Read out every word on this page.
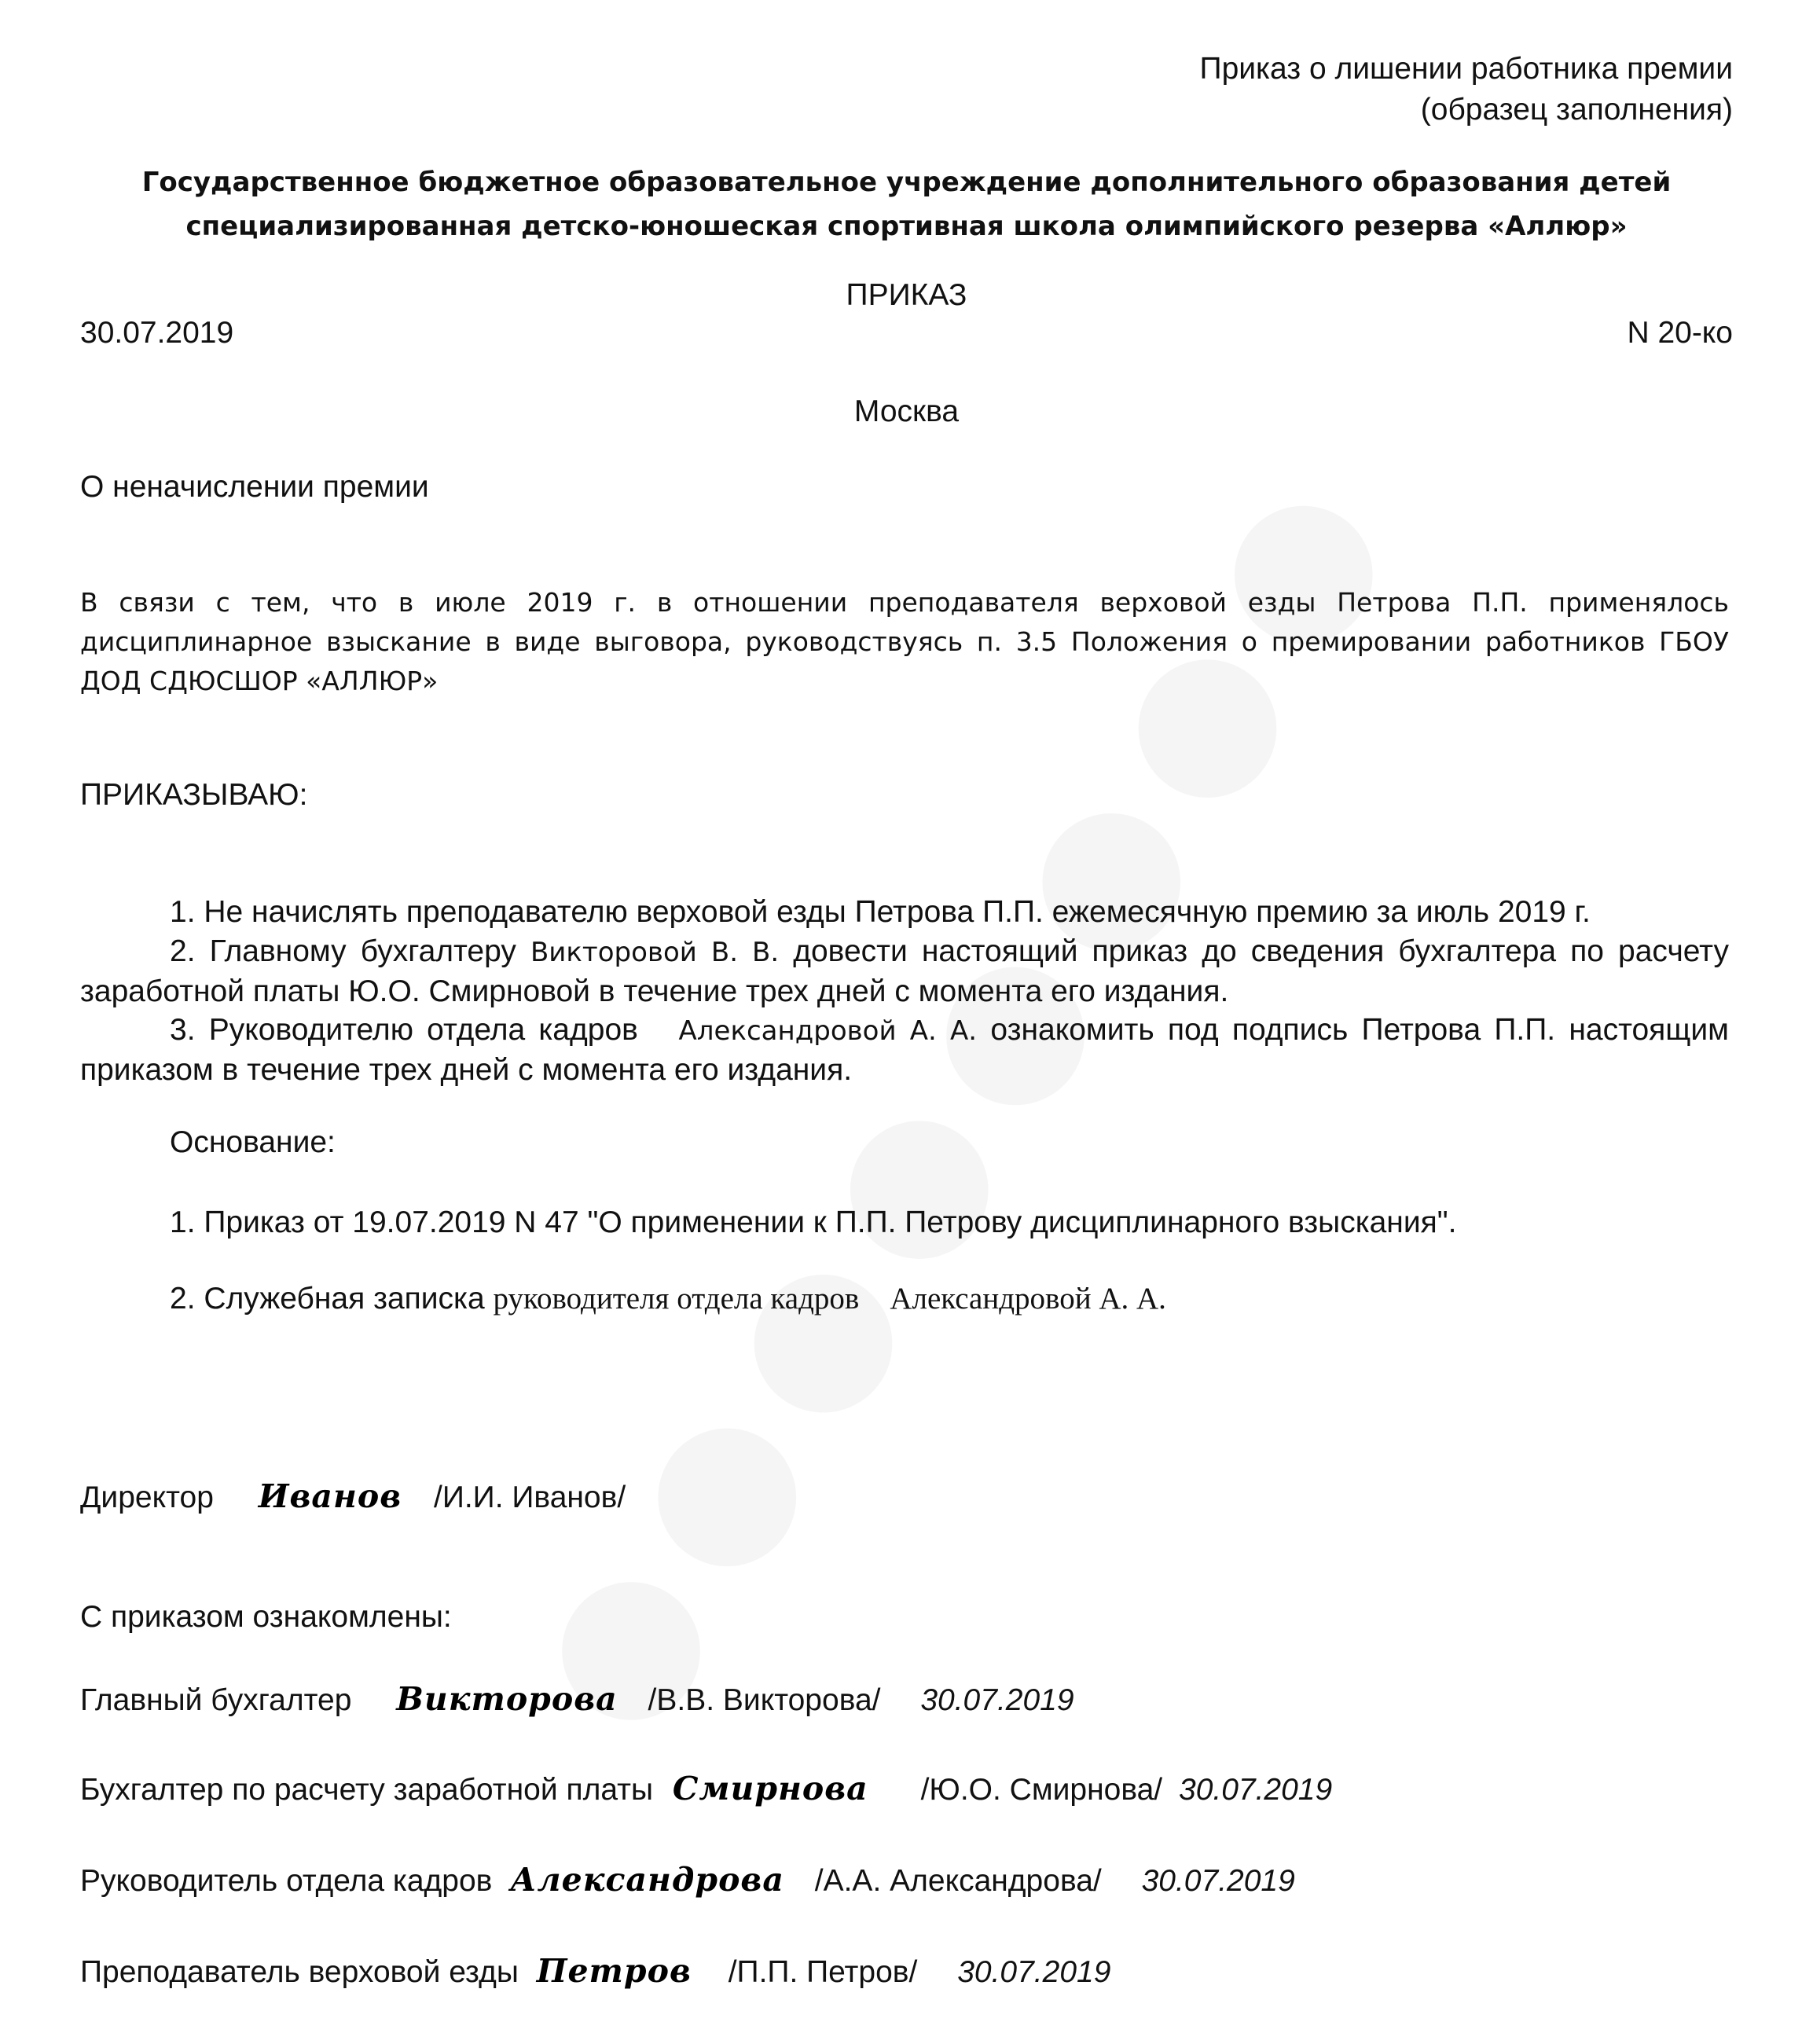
Приказ о лишении работника премии
(образец заполнения)
Государственное бюджетное образовательное учреждение дополнительного образования детей
специализированная детско-юношеская спортивная школа олимпийского резерва «Аллюр»
ПРИКАЗ
30.07.2019	N 20-ко
Москва
О неначислении премии
В связи с тем, что в июле 2019 г. в отношении преподавателя верховой езды Петрова П.П. применялось дисциплинарное взыскание в виде выговора, руководствуясь п. 3.5 Положения о премировании работников ГБОУ ДОД СДЮСШОР «АЛЛЮР»
ПРИКАЗЫВАЮ:
1. Не начислять преподавателю верховой езды Петрова П.П. ежемесячную премию за июль 2019 г.
2. Главному бухгалтеру Викторовой В. В. довести настоящий приказ до сведения бухгалтера по расчету заработной платы Ю.О. Смирновой в течение трех дней с момента его издания.
3. Руководителю отдела кадров Александровой А. А. ознакомить под подпись Петрова П.П. настоящим приказом в течение трех дней с момента его издания.
Основание:
1. Приказ от 19.07.2019 N 47 "О применении к П.П. Петрову дисциплинарного взыскания".
2. Служебная записка руководителя отдела кадров    Александровой А. А.
Директор Иванов /И.И. Иванов/
С приказом ознакомлены:
Главный бухгалтер Викторова /В.В. Викторова/ 30.07.2019
Бухгалтер по расчету заработной платы Смирнова /Ю.О. Смирнова/ 30.07.2019
Руководитель отдела кадров Александрова /А.А. Александрова/ 30.07.2019
Преподаватель верховой езды Петров /П.П. Петров/ 30.07.2019
